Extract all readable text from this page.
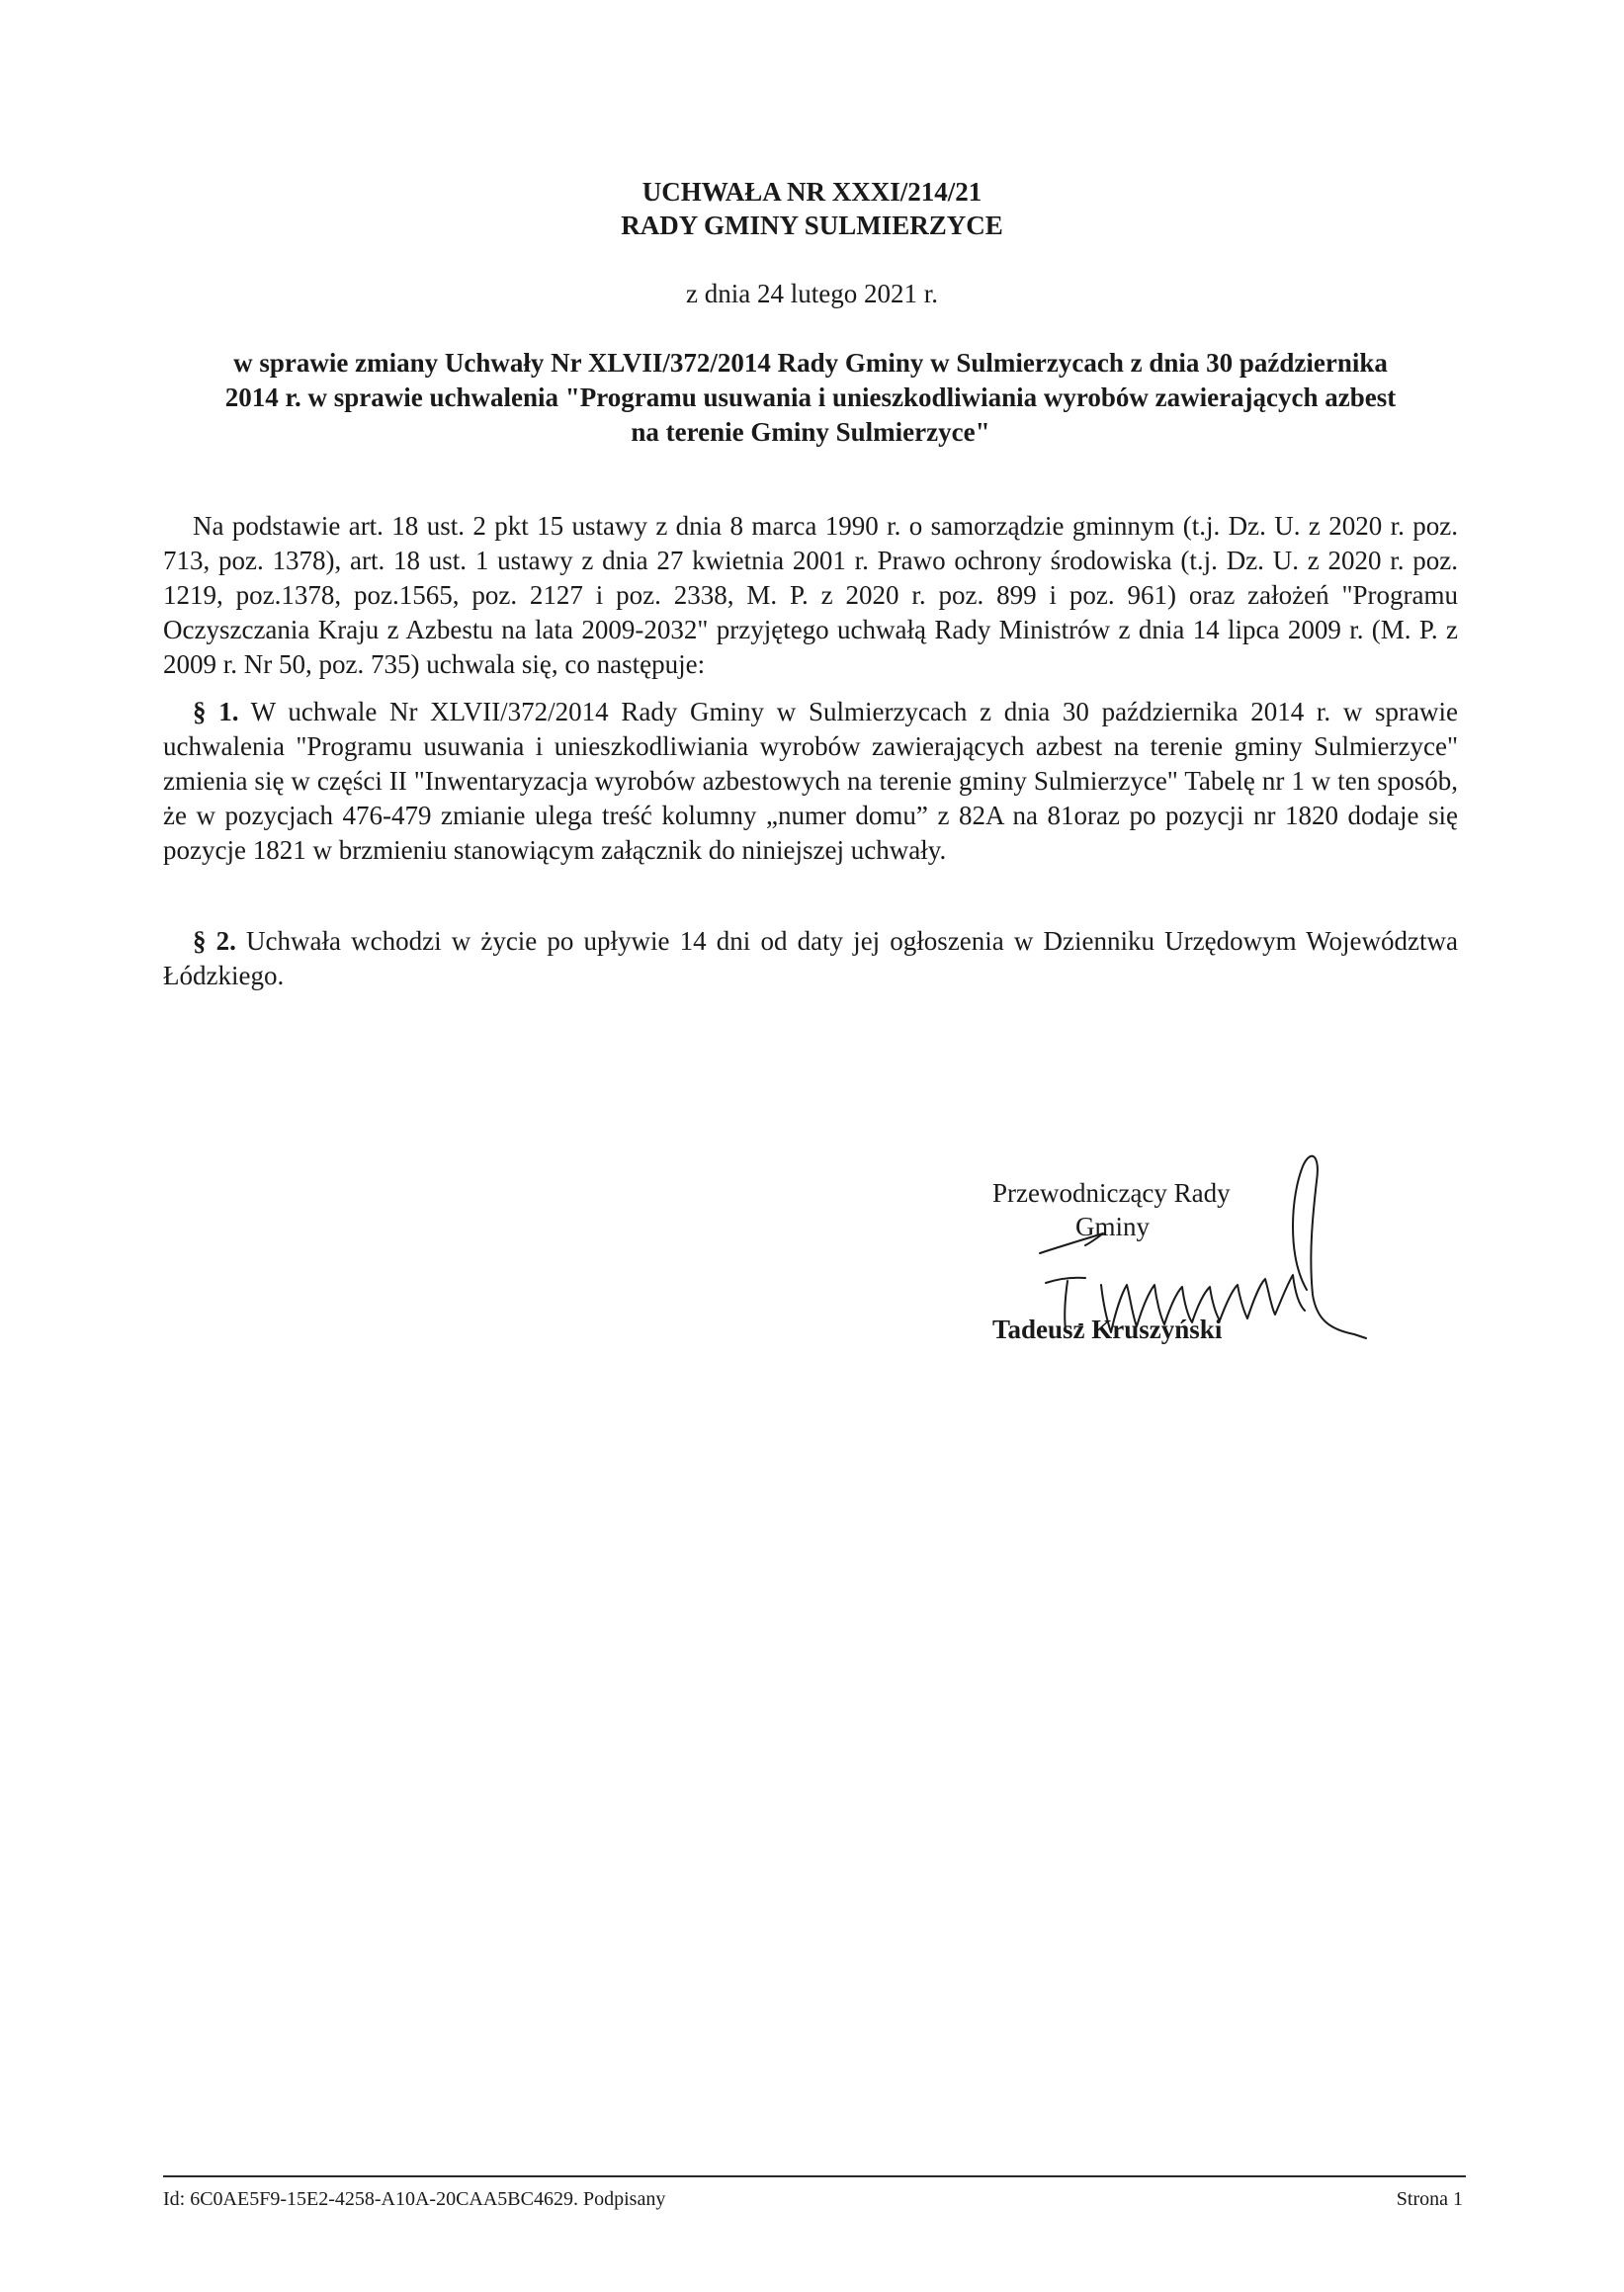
UCHWAŁA NR XXXI/214/21
RADY GMINY SULMIERZYCE
z dnia 24 lutego 2021 r.
w sprawie zmiany Uchwały Nr XLVII/372/2014 Rady Gminy w Sulmierzycach z dnia 30 października
2014 r. w sprawie uchwalenia "Programu usuwania i unieszkodliwiania wyrobów zawierających azbest
na terenie Gminy Sulmierzyce"
Na podstawie art. 18 ust. 2 pkt 15 ustawy z dnia 8 marca 1990 r. o samorządzie gminnym (t.j. Dz. U. z 2020 r. poz. 713, poz. 1378), art. 18 ust. 1 ustawy z dnia 27 kwietnia 2001 r. Prawo ochrony środowiska (t.j. Dz. U. z 2020 r. poz. 1219, poz.1378, poz.1565, poz. 2127 i poz. 2338, M. P. z 2020 r. poz. 899 i poz. 961) oraz założeń "Programu Oczyszczania Kraju z Azbestu na lata 2009-2032" przyjętego uchwałą Rady Ministrów z dnia 14 lipca 2009 r. (M. P. z 2009 r. Nr 50, poz. 735) uchwala się, co następuje:
§ 1. W uchwale Nr XLVII/372/2014 Rady Gminy w Sulmierzycach z dnia 30 października 2014 r. w sprawie uchwalenia "Programu usuwania i unieszkodliwiania wyrobów zawierających azbest na terenie gminy Sulmierzyce" zmienia się w części II "Inwentaryzacja wyrobów azbestowych na terenie gminy Sulmierzyce" Tabelę nr 1 w ten sposób, że w pozycjach 476-479 zmianie ulega treść kolumny „numer domu” z 82A na 81oraz po pozycji nr 1820 dodaje się pozycje 1821 w brzmieniu stanowiącym załącznik do niniejszej uchwały.
§ 2. Uchwała wchodzi w życie po upływie 14 dni od daty jej ogłoszenia w Dzienniku Urzędowym Województwa Łódzkiego.
Przewodniczący Rady
Gminy
Tadeusz Kruszyński
Id: 6C0AE5F9-15E2-4258-A10A-20CAA5BC4629. Podpisany	Strona 1
